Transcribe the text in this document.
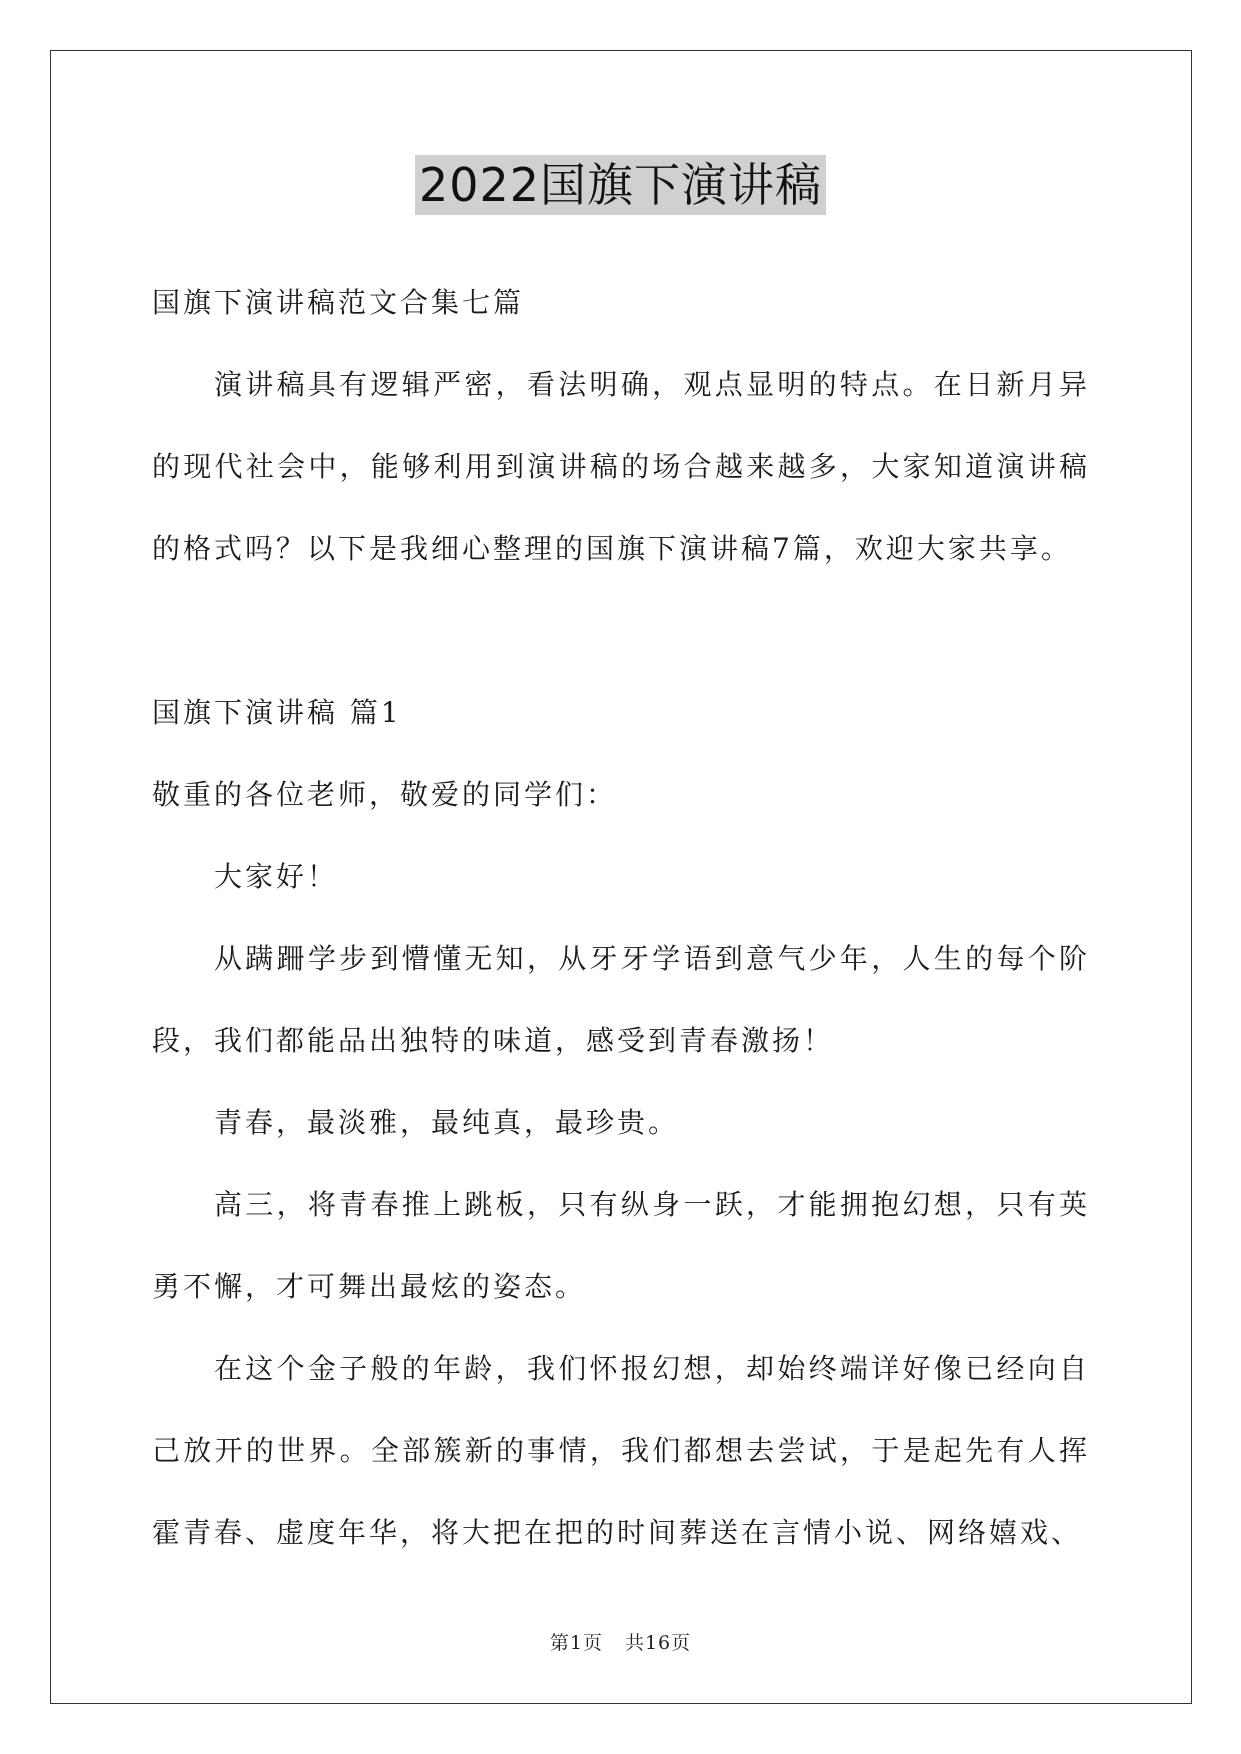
2022国旗下演讲稿

国旗下演讲稿范文合集七篇

演讲稿具有逻辑严密，看法明确，观点显明的特点。在日新月异的现代社会中，能够利用到演讲稿的场合越来越多，大家知道演讲稿的格式吗？以下是我细心整理的国旗下演讲稿7篇，欢迎大家共享。

国旗下演讲稿 篇1

敬重的各位老师，敬爱的同学们：

大家好！

从蹒跚学步到懵懂无知，从牙牙学语到意气少年，人生的每个阶段，我们都能品出独特的味道，感受到青春激扬！

青春，最淡雅，最纯真，最珍贵。

高三，将青春推上跳板，只有纵身一跃，才能拥抱幻想，只有英勇不懈，才可舞出最炫的姿态。

在这个金子般的年龄，我们怀报幻想，却始终端详好像已经向自己放开的世界。全部簇新的事情，我们都想去尝试，于是起先有人挥霍青春、虚度年华，将大把在把的时间葬送在言情小说、网络嬉戏、

第1页 共16页
